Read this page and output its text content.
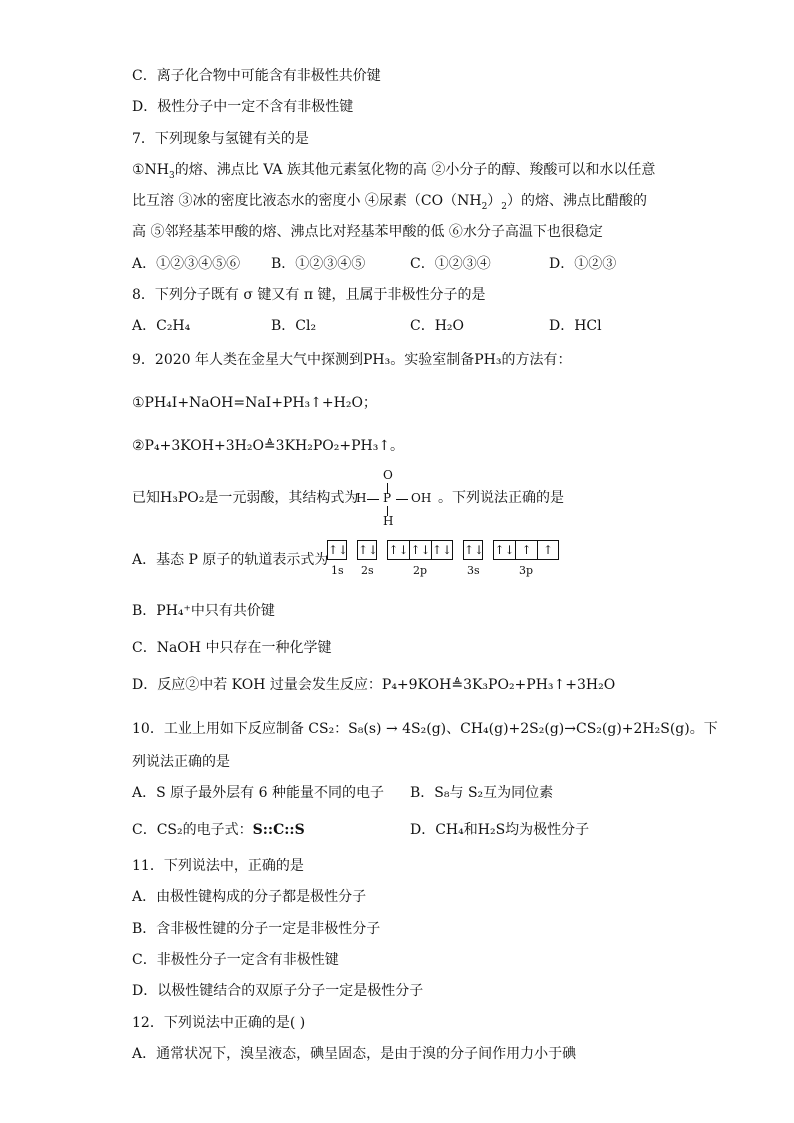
C．离子化合物中可能含有非极性共价键
D．极性分子中一定不含有非极性键
7．下列现象与氢键有关的是
$①NH_3$的熔、沸点比 VA 族其他元素氢化物的高 ②小分子的醇、羧酸可以和水以任意
比互溶 ③冰的密度比液态水的密度小 ④尿素$(CO(NH_2)_2)$的熔、沸点比醋酸的
高 ⑤邻羟基苯甲酸的熔、沸点比对羟基苯甲酸的低 ⑥水分子高温下也很稳定
A．①②③④⑤⑥ B．①②③④⑤	C．①②③④	D．①②③
8．下列分子既有 σ 键又有 π 键，且属于非极性分子的是
A．C₂H₄	B．Cl₂	C．H₂O	D．HCl
9．2020 年人类在金星大气中探测到PH₃。实验室制备PH₃的方法有：
①PH₄I+NaOH=NaI+PH₃↑+H₂O；
②P₄+3KOH+3H₂O≜3KH₂PO₂+PH₃↑。
已知H₃PO₂是一元弱酸，其结构式为
O
H P OH
H
。下列说法正确的是
A．基态 P 原子的轨道表示式为
↑↓ ↑↓ ↑↓ ↑↓ ↑↓ ↑↓ ↑↓ ↑ ↑
1s 2s	2p	3s	3p
B．PH₄⁺中只有共价键
C．NaOH 中只存在一种化学键
D．反应②中若 KOH 过量会发生反应：P₄+9KOH≜3K₃PO₂+PH₃↑+3H₂O
10．工业上用如下反应制备 CS₂：S₈(s) → 4S₂(g)、CH₄(g)+2S₂(g)→CS₂(g)+2H₂S(g)。下
列说法正确的是
A．S 原子最外层有 6 种能量不同的电子 B．S₈与 S₂互为同位素
C．CS₂的电子式：S::C::S	D．CH₄和H₂S均为极性分子
11．下列说法中，正确的是
A．由极性键构成的分子都是极性分子
B．含非极性键的分子一定是非极性分子
C．非极性分子一定含有非极性键
D．以极性键结合的双原子分子一定是极性分子
12．下列说法中正确的是( )
A．通常状况下，溴呈液态，碘呈固态，是由于溴的分子间作用力小于碘
